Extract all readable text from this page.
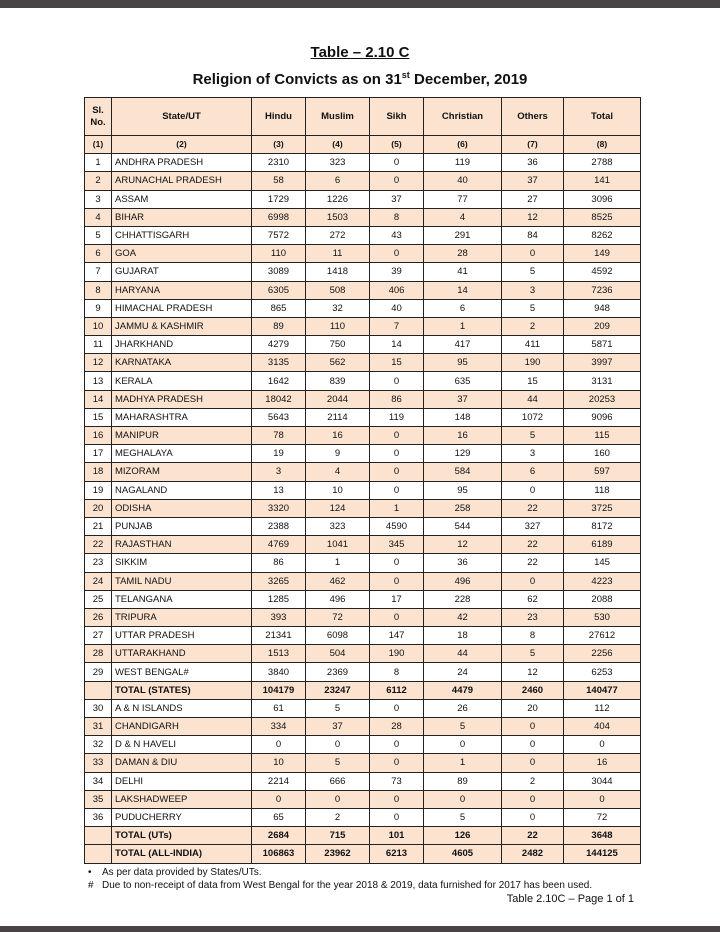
Table – 2.10 C
Religion of Convicts as on 31st December, 2019
Sl. No.	State/UT	Hindu	Muslim	Sikh	Christian	Others	Total
(1)	(2)	(3)	(4)	(5)	(6)	(7)	(8)
1	ANDHRA PRADESH	2310	323	0	119	36	2788
2	ARUNACHAL PRADESH	58	6	0	40	37	141
3	ASSAM	1729	1226	37	77	27	3096
4	BIHAR	6998	1503	8	4	12	8525
5	CHHATTISGARH	7572	272	43	291	84	8262
6	GOA	110	11	0	28	0	149
7	GUJARAT	3089	1418	39	41	5	4592
8	HARYANA	6305	508	406	14	3	7236
9	HIMACHAL PRADESH	865	32	40	6	5	948
10	JAMMU & KASHMIR	89	110	7	1	2	209
11	JHARKHAND	4279	750	14	417	411	5871
12	KARNATAKA	3135	562	15	95	190	3997
13	KERALA	1642	839	0	635	15	3131
14	MADHYA PRADESH	18042	2044	86	37	44	20253
15	MAHARASHTRA	5643	2114	119	148	1072	9096
16	MANIPUR	78	16	0	16	5	115
17	MEGHALAYA	19	9	0	129	3	160
18	MIZORAM	3	4	0	584	6	597
19	NAGALAND	13	10	0	95	0	118
20	ODISHA	3320	124	1	258	22	3725
21	PUNJAB	2388	323	4590	544	327	8172
22	RAJASTHAN	4769	1041	345	12	22	6189
23	SIKKIM	86	1	0	36	22	145
24	TAMIL NADU	3265	462	0	496	0	4223
25	TELANGANA	1285	496	17	228	62	2088
26	TRIPURA	393	72	0	42	23	530
27	UTTAR PRADESH	21341	6098	147	18	8	27612
28	UTTARAKHAND	1513	504	190	44	5	2256
29	WEST BENGAL#	3840	2369	8	24	12	6253
	TOTAL (STATES)	104179	23247	6112	4479	2460	140477
30	A & N ISLANDS	61	5	0	26	20	112
31	CHANDIGARH	334	37	28	5	0	404
32	D & N HAVELI	0	0	0	0	0	0
33	DAMAN & DIU	10	5	0	1	0	16
34	DELHI	2214	666	73	89	2	3044
35	LAKSHADWEEP	0	0	0	0	0	0
36	PUDUCHERRY	65	2	0	5	0	72
	TOTAL (UTs)	2684	715	101	126	22	3648
	TOTAL (ALL-INDIA)	106863	23962	6213	4605	2482	144125
•	As per data provided by States/UTs.
# Due to non-receipt of data from West Bengal for the year 2018 & 2019, data furnished for 2017 has been used.
Table 2.10C – Page 1 of 1
